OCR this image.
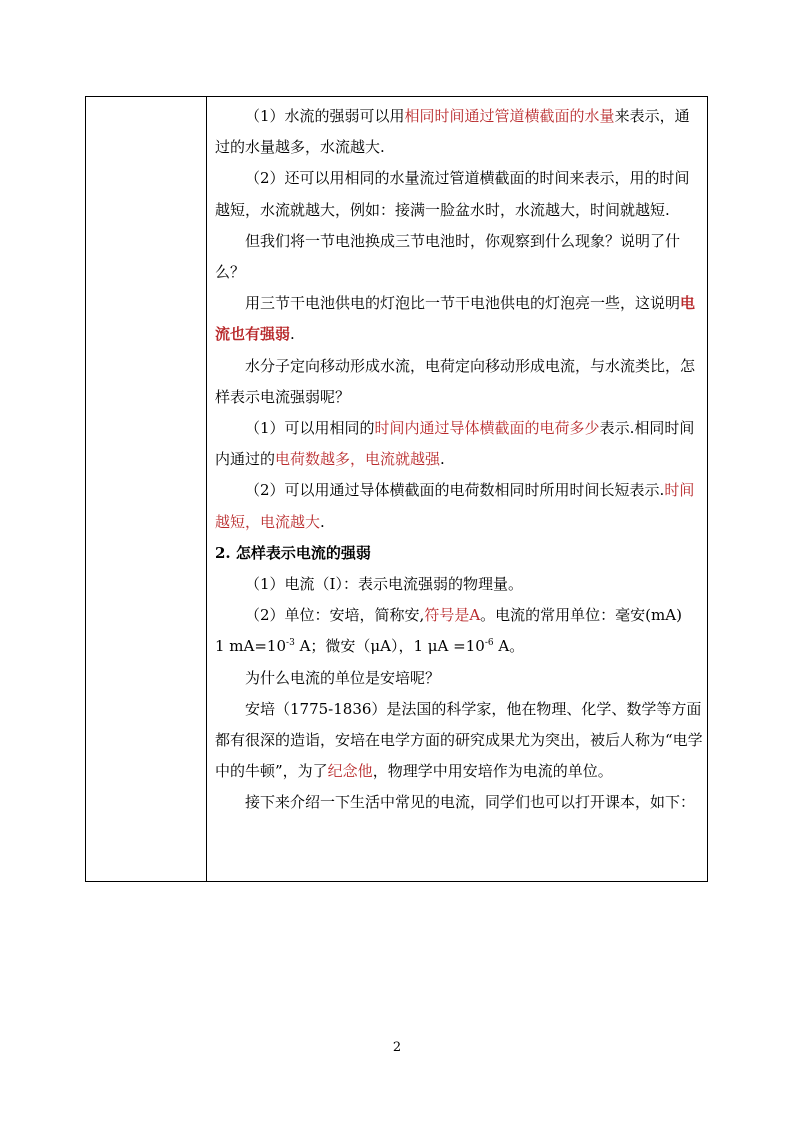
（1）水流的强弱可以用相同时间通过管道横截面的水量来表示，通过的水量越多，水流越大.

（2）还可以用相同的水量流过管道横截面的时间来表示，用的时间越短，水流就越大，例如：接满一脸盆水时，水流越大，时间就越短.

但我们将一节电池换成三节电池时，你观察到什么现象？说明了什么？

用三节干电池供电的灯泡比一节干电池供电的灯泡亮一些，这说明电流也有强弱.

水分子定向移动形成水流，电荷定向移动形成电流，与水流类比，怎样表示电流强弱呢？

（1）可以用相同的时间内通过导体横截面的电荷多少表示.相同时间内通过的电荷数越多，电流就越强.

（2）可以用通过导体横截面的电荷数相同时所用时间长短表示.时间越短，电流越大.

2. 怎样表示电流的强弱

（1）电流（I）：表示电流强弱的物理量。

（2）单位：安培，简称安,符号是A。电流的常用单位：毫安(mA)
1 $mA=10^{-3}$ A；微安（μA），1 $\mu A =10^{-6}$ A。

为什么电流的单位是安培呢？

安培（1775-1836）是法国的科学家，他在物理、化学、数学等方面都有很深的造诣，安培在电学方面的研究成果尤为突出，被后人称为“电学中的牛顿”，为了纪念他，物理学中用安培作为电流的单位。

接下来介绍一下生活中常见的电流，同学们也可以打开课本，如下：

2
